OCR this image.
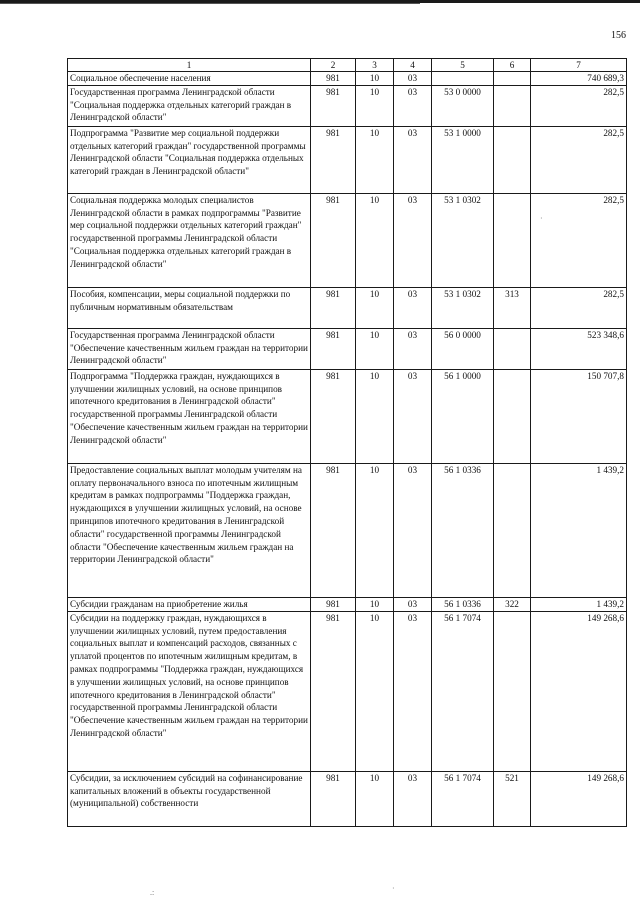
156
1	2	3	4	5	6	7
Социальное обеспечение населения	981	10	03			740 689,3
Государственная программа Ленинградской области "Социальная поддержка отдельных категорий граждан в Ленинградской области"	981	10	03	53 0 0000		282,5
Подпрограмма "Развитие мер социальной поддержки отдельных категорий граждан" государственной программы Ленинградской области "Социальная поддержка отдельных категорий граждан в Ленинградской области"	981	10	03	53 1 0000		282,5
Социальная поддержка молодых специалистов Ленинградской области в рамках подпрограммы "Развитие мер социальной поддержки отдельных категорий граждан" государственной программы Ленинградской области "Социальная поддержка отдельных категорий граждан в Ленинградской области"	981	10	03	53 1 0302		282,5
Пособия, компенсации, меры социальной поддержки по публичным нормативным обязательствам	981	10	03	53 1 0302	313	282,5
Государственная программа Ленинградской области "Обеспечение качественным жильем граждан на территории Ленинградской области"	981	10	03	56 0 0000		523 348,6
Подпрограмма "Поддержка граждан, нуждающихся в улучшении жилищных условий, на основе принципов ипотечного кредитования в Ленинградской области" государственной программы Ленинградской области "Обеспечение качественным жильем граждан на территории Ленинградской области"	981	10	03	56 1 0000		150 707,8
Предоставление социальных выплат молодым учителям на оплату первоначального взноса по ипотечным жилищным кредитам в рамках подпрограммы "Поддержка граждан, нуждающихся в улучшении жилищных условий, на основе принципов ипотечного кредитования в Ленинградской области" государственной программы Ленинградской области "Обеспечение качественным жильем граждан на территории Ленинградской области"	981	10	03	56 1 0336		1 439,2
Субсидии гражданам на приобретение жилья	981	10	03	56 1 0336	322	1 439,2
Субсидии на поддержку граждан, нуждающихся в улучшении жилищных условий, путем предоставления социальных выплат и компенсаций расходов, связанных с уплатой процентов по ипотечным жилищным кредитам, в рамках подпрограммы "Поддержка граждан, нуждающихся в улучшении жилищных условий, на основе принципов ипотечного кредитования в Ленинградской области" государственной программы Ленинградской области "Обеспечение качественным жильем граждан на территории Ленинградской области"	981	10	03	56 1 7074		149 268,6
Субсидии, за исключением субсидий на софинансирование капитальных вложений в объекты государственной (муниципальной) собственности	981	10	03	56 1 7074	521	149 268,6
.:	·
·
